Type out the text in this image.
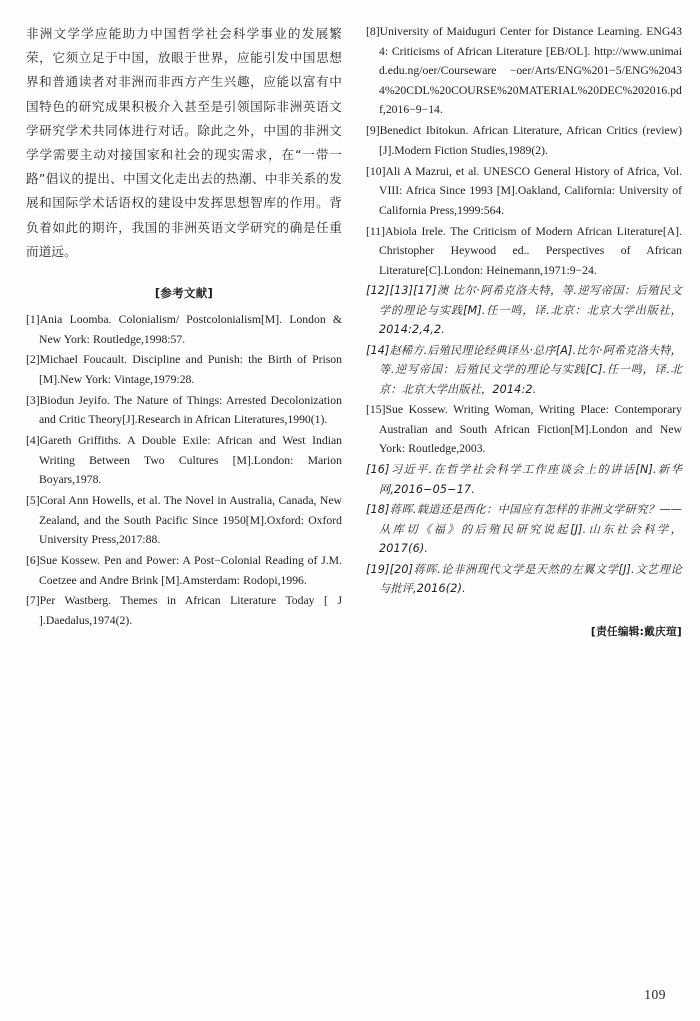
非洲文学学应能助力中国哲学社会科学事业的发展繁荣，它须立足于中国，放眼于世界，应能引发中国思想界和普通读者对非洲而非西方产生兴趣，应能以富有中国特色的研究成果积极介入甚至是引领国际非洲英语文学研究学术共同体进行对话。除此之外，中国的非洲文学学需要主动对接国家和社会的现实需求，在“一带一路”倡议的提出、中国文化走出去的热潮、中非关系的发展和国际学术话语权的建设中发挥思想智库的作用。背负着如此的期许，我国的非洲英语文学研究的确是任重而道远。

[参考文献]
[1]Ania Loomba. Colonialism/ Postcolonialism[M]. London & New York: Routledge,1998:57.
[2]Michael Foucault. Discipline and Punish: the Birth of Prison [M].New York: Vintage,1979:28.
[3]Biodun Jeyifo. The Nature of Things: Arrested Decolonization and Critic Theory[J].Research in African Literatures,1990(1).
[4]Gareth Griffiths. A Double Exile: African and West Indian Writing Between Two Cultures [M].London: Marion Boyars,1978.
[5]Coral Ann Howells, et al. The Novel in Australia, Canada, New Zealand, and the South Pacific Since 1950[M].Oxford: Oxford University Press,2017:88.
[6]Sue Kossew. Pen and Power: A Post−Colonial Reading of J.M. Coetzee and Andre Brink [M].Amsterdam: Rodopi,1996.
[7]Per Wastberg. Themes in African Literature Today [ J ].Daedalus,1974(2).
[8]University of Maiduguri Center for Distance Learning. ENG434: Criticisms of African Literature [EB/OL]. http://www.unimaid.edu.ng/oer/Courseware −oer/Arts/ENG%201−5/ENG%20434%20CDL%20COURSE%20MATERIAL%20DEC%202016.pdf,2016−9−14.
[9]Benedict Ibitokun. African Literature, African Critics (review)[J].Modern Fiction Studies,1989(2).
[10]Ali A Mazrui, et al. UNESCO General History of Africa, Vol. VIII: Africa Since 1993 [M].Oakland, California: University of California Press,1999:564.
[11]Abiola Irele. The Criticism of Modern African Literature[A]. Christopher Heywood ed.. Perspectives of African Literature[C].London: Heinemann,1971:9−24.
[12][13][17]澳 比尔·阿希克洛夫特，等.逆写帝国：后殖民文学的理论与实践[M].任一鸣，译.北京：北京大学出版社，2014:2,4,2.
[14]赵稀方.后殖民理论经典译丛·总序[A].比尔·阿希克洛夫特，等.逆写帝国：后殖民文学的理论与实践[C].任一鸣，译.北京：北京大学出版社，2014:2.
[15]Sue Kossew. Writing Woman, Writing Place: Contemporary Australian and South African Fiction[M].London and New York: Routledge,2003.
[16]习近平.在哲学社会科学工作座谈会上的讲话[N].新华网,2016−05−17.
[18]蒋晖.载道还是西化：中国应有怎样的非洲文学研究？——从库切《福》的后殖民研究说起[J].山东社会科学，2017(6).
[19][20]蒋晖.论非洲现代文学是天然的左翼文学[J].文艺理论与批评,2016(2).
[责任编辑:戴庆瑄]
109
